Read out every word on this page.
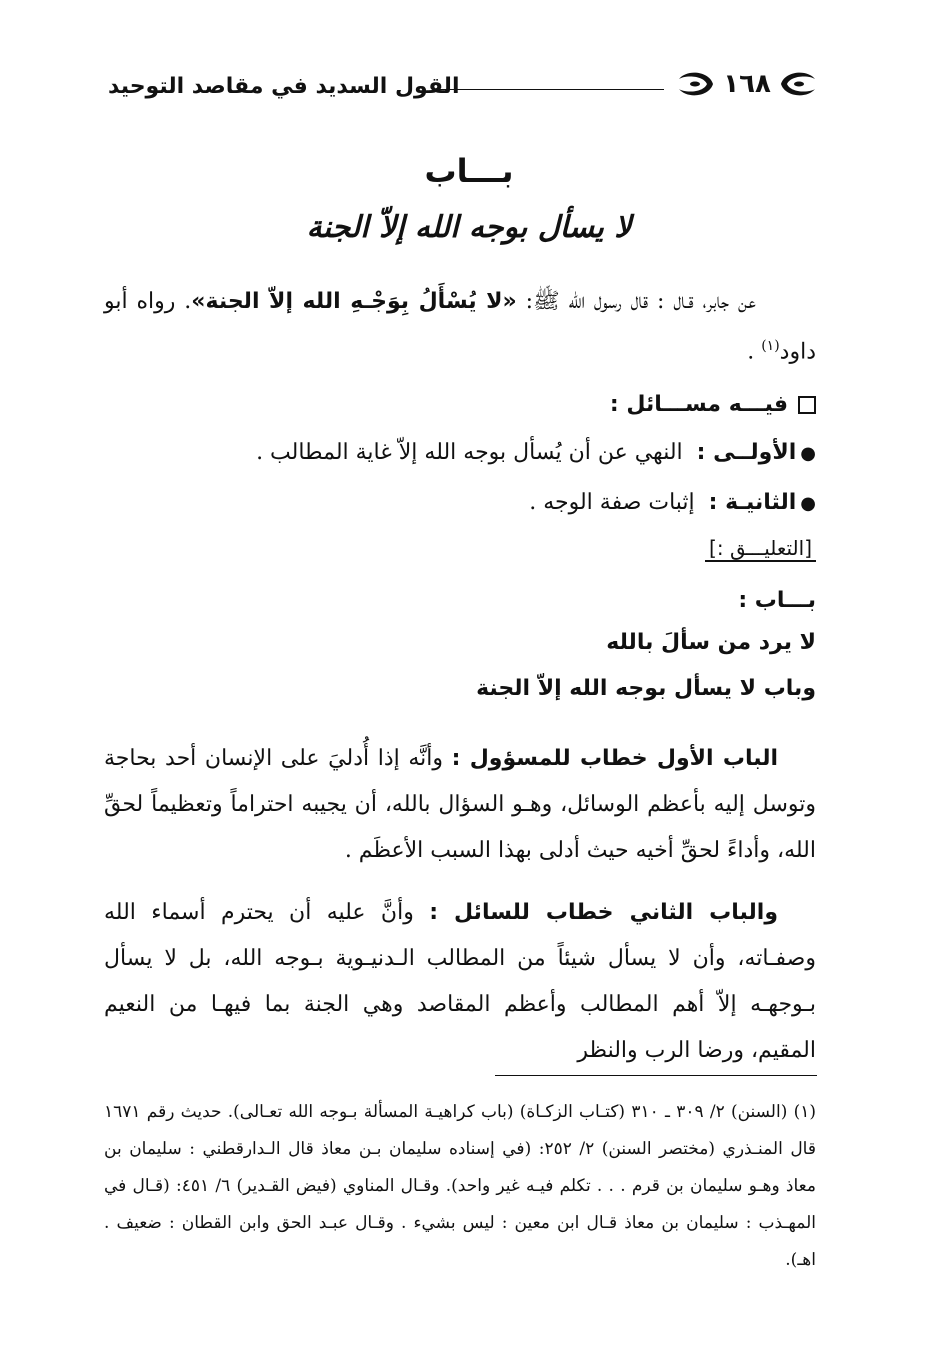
١٦٨
القول السديد في مقاصد التوحيد
بـــاب
لا يسأل بوجه الله إلاّ الجنة
عن جابر، قـال : قال رسول الله ﷺ: «لا يُسْأَلُ بِوَجْـهِ الله إلاّ الجنة». رواه أبو داود$^{(١)}$ .
فيـــه مســـائل :
●الأولــى :  النهي عن أن يُسأل بوجه الله إلاّ غاية المطالب .
●الثانيـة :  إثبات صفة الوجه .
[التعليـــق :]
بـــاب :
لا يرد من سألَ بالله
وباب لا يسأل بوجه الله إلاّ الجنة
الباب الأول خطاب للمسؤول : وأنَّه إذا أُدليَ على الإنسان أحد بحاجة وتوسل إليه بأعظم الوسائل، وهـو السؤال بالله، أن يجيبه احتراماً وتعظيماً لحقِّ الله، وأداءً لحقِّ أخيه حيث أدلى بهذا السبب الأعظَم .
والباب الثاني خطاب للسائل : وأنَّ عليه أن يحترم أسماء الله وصفـاته، وأن لا يسأل شيئاً من المطالب الـدنيـوية بـوجه الله، بل لا يسأل بـوجهـه إلاّ أهم المطالب وأعظم المقاصد وهي الجنة بما فيهـا من النعيم المقيم، ورضا الرب والنظر
(١) (السنن) ٢/ ٣٠٩ ـ ٣١٠ (كتـاب الزكـاة) (باب كراهيـة المسألة بـوجه الله تعـالى). حديث رقم ١٦٧١ قال المنـذري (مختصر السنن) ٢/ ٢٥٢: (في إسناده سليمان بـن معاذ قال الـدارقطني : سليمان بن معاذ وهـو سليمان بن قرم . . . تكلم فيـه غير واحد). وقـال المناوي (فيض القـدير) ٦/ ٤٥١: (قـال في المهـذب : سليمان بن معاذ قـال ابن معين : ليس بشيء . وقـال عبـد الحق وابن القطان : ضعيف . اهـ).
